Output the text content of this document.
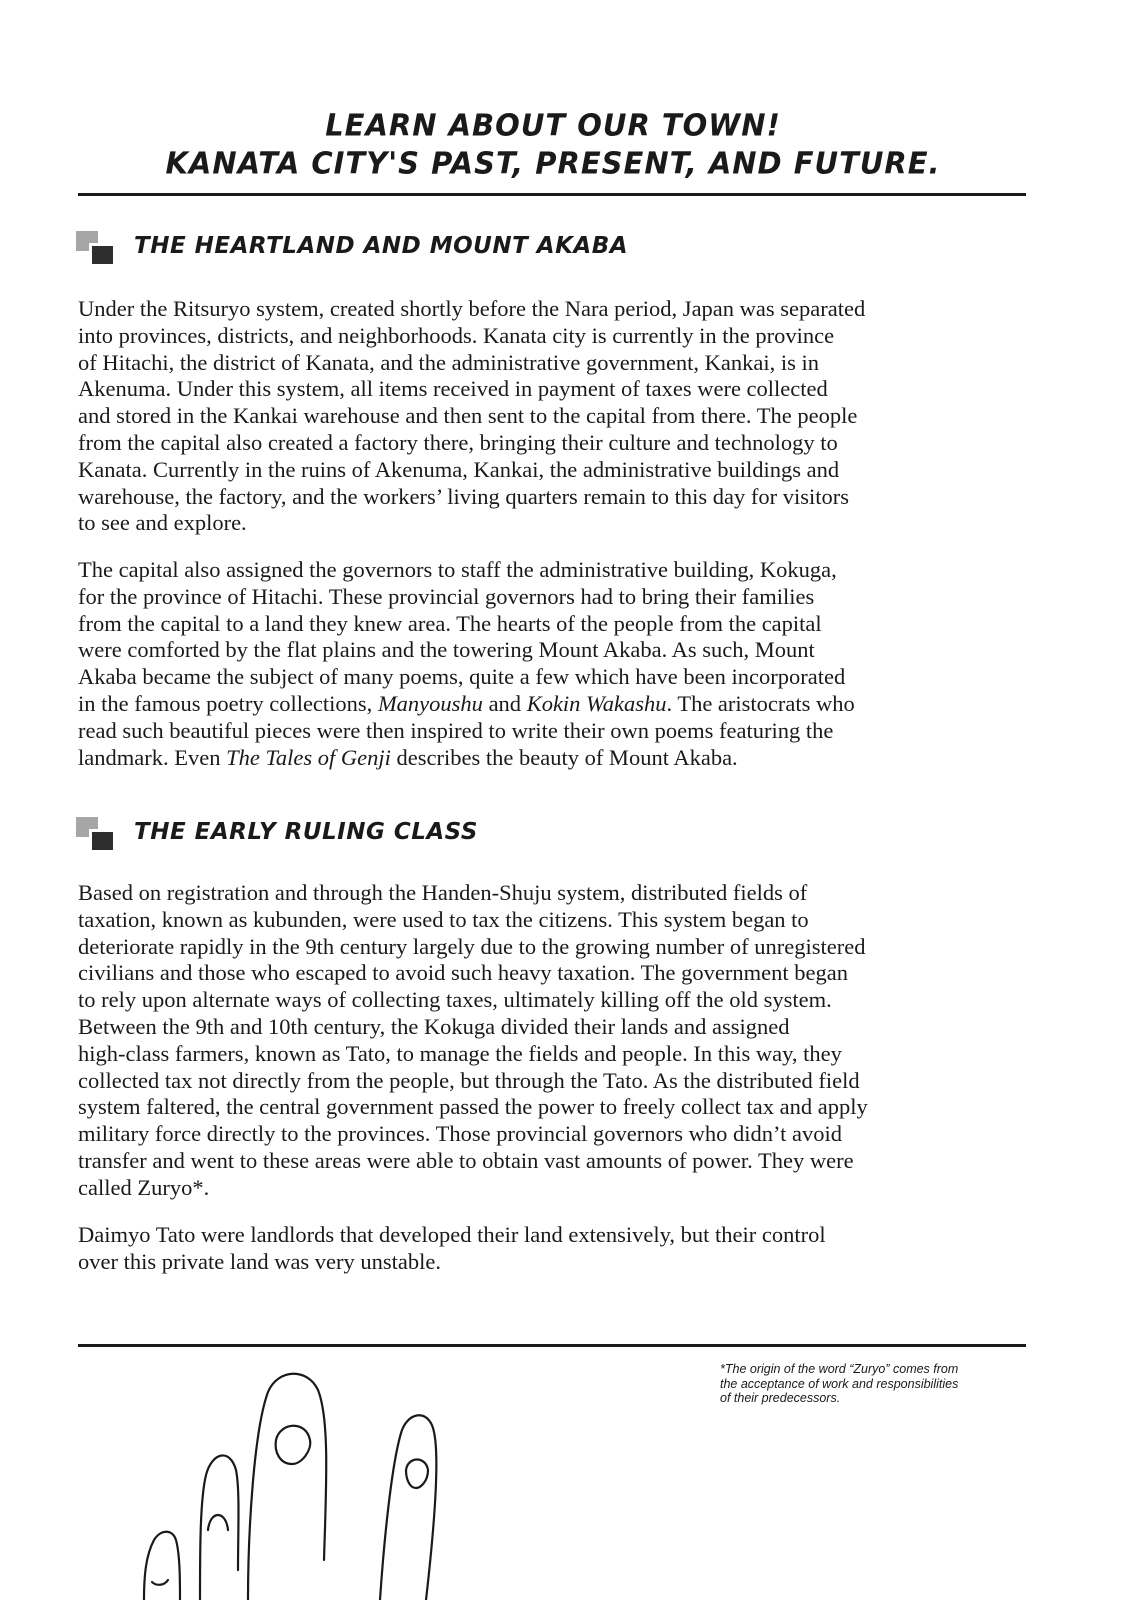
LEARN ABOUT OUR TOWN!
KANATA CITY'S PAST, PRESENT, AND FUTURE.
THE HEARTLAND AND MOUNT AKABA
Under the Ritsuryo system, created shortly before the Nara period, Japan was separated
into provinces, districts, and neighborhoods. Kanata city is currently in the province
of Hitachi, the district of Kanata, and the administrative government, Kankai, is in
Akenuma. Under this system, all items received in payment of taxes were collected
and stored in the Kankai warehouse and then sent to the capital from there. The people
from the capital also created a factory there, bringing their culture and technology to
Kanata. Currently in the ruins of Akenuma, Kankai, the administrative buildings and
warehouse, the factory, and the workers’ living quarters remain to this day for visitors
to see and explore.
The capital also assigned the governors to staff the administrative building, Kokuga,
for the province of Hitachi. These provincial governors had to bring their families
from the capital to a land they knew area. The hearts of the people from the capital
were comforted by the flat plains and the towering Mount Akaba. As such, Mount
Akaba became the subject of many poems, quite a few which have been incorporated
in the famous poetry collections, Manyoushu and Kokin Wakashu. The aristocrats who
read such beautiful pieces were then inspired to write their own poems featuring the
landmark. Even The Tales of Genji describes the beauty of Mount Akaba.
THE EARLY RULING CLASS
Based on registration and through the Handen-Shuju system, distributed fields of
taxation, known as kubunden, were used to tax the citizens. This system began to
deteriorate rapidly in the 9th century largely due to the growing number of unregistered
civilians and those who escaped to avoid such heavy taxation. The government began
to rely upon alternate ways of collecting taxes, ultimately killing off the old system.
Between the 9th and 10th century, the Kokuga divided their lands and assigned
high-class farmers, known as Tato, to manage the fields and people. In this way, they
collected tax not directly from the people, but through the Tato. As the distributed field
system faltered, the central government passed the power to freely collect tax and apply
military force directly to the provinces. Those provincial governors who didn’t avoid
transfer and went to these areas were able to obtain vast amounts of power. They were
called Zuryo*.
Daimyo Tato were landlords that developed their land extensively, but their control
over this private land was very unstable.
*The origin of the word “Zuryo” comes from
the acceptance of work and responsibilities
of their predecessors.
